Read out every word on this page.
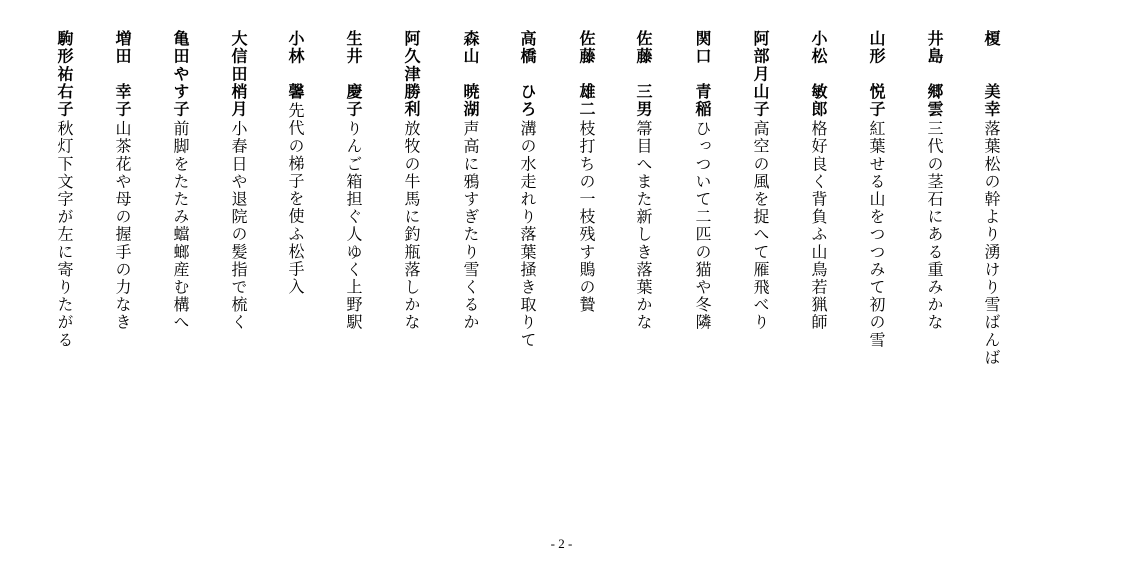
榎　　美幸
落葉松の幹より湧けり雪ばんば
井島　郷雲
三代の茎石にある重みかな
山形　悦子
紅葉せる山をつつみて初の雪
小松　敏郎
格好良く背負ふ山鳥若猟師
阿部月山子
高空の風を捉へて雁飛べり
関口　青稲
ひっついて二匹の猫や冬隣
佐藤　三男
箒目へまた新しき落葉かな
佐藤　雄二
枝打ちの一枝残す鵙の贄
高橋　ひろ
溝の水走れり落葉掻き取りて
森山　暁湖
声高に鴉すぎたり雪くるか
阿久津勝利
放牧の牛馬に釣瓶落しかな
生井　慶子
りんご箱担ぐ人ゆく上野駅
小林　馨
先代の梯子を使ふ松手入
大信田梢月
小春日や退院の髪指で梳く
亀田やす子
前脚をたたみ蟷螂産む構へ
増田　幸子
山茶花や母の握手の力なき
駒形祐右子
秋灯下文字が左に寄りたがる
- 2 -
